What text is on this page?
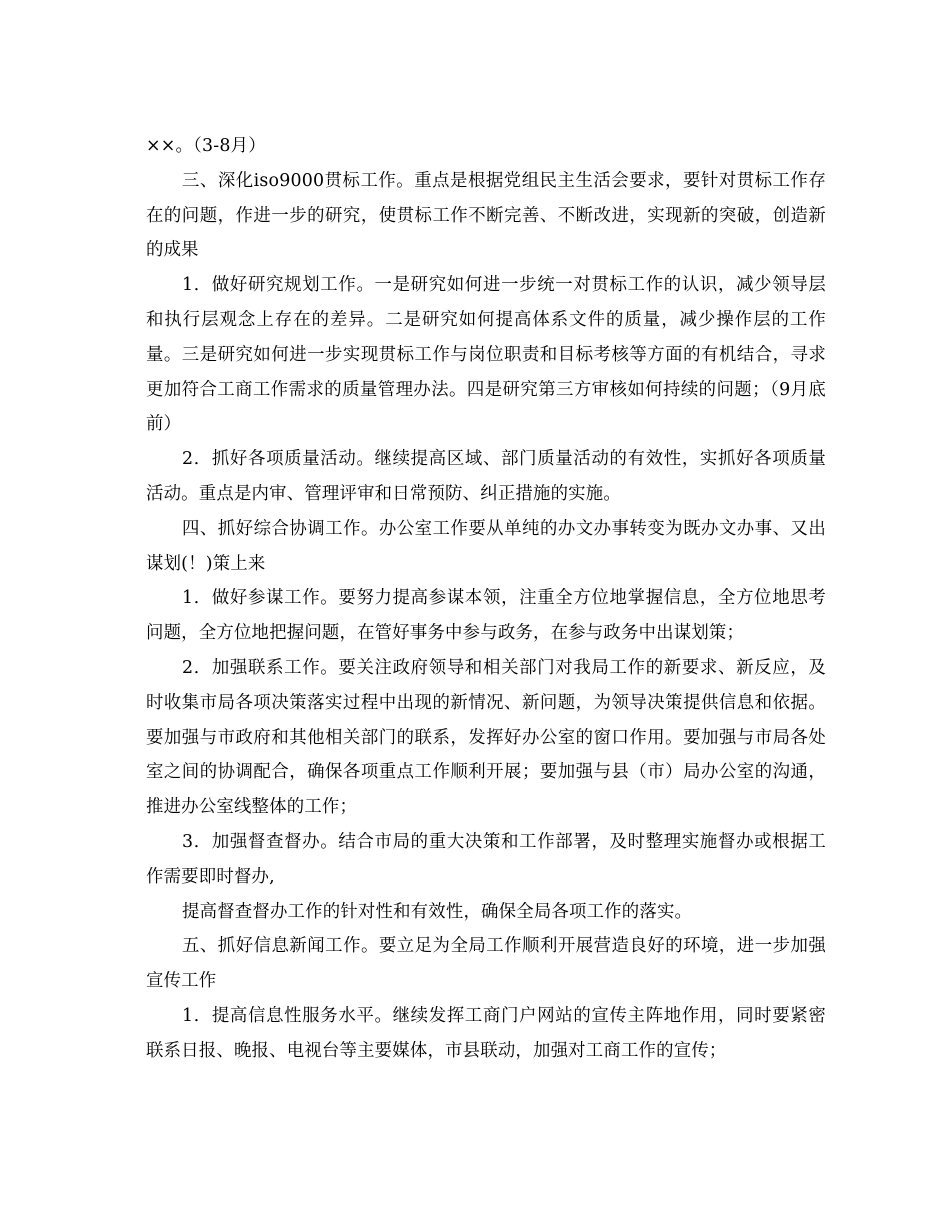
××。（3-8月）

三、深化iso9000贯标工作。重点是根据党组民主生活会要求，要针对贯标工作存在的问题，作进一步的研究，使贯标工作不断完善、不断改进，实现新的突破，创造新的成果

1．做好研究规划工作。一是研究如何进一步统一对贯标工作的认识，减少领导层和执行层观念上存在的差异。二是研究如何提高体系文件的质量，减少操作层的工作量。三是研究如何进一步实现贯标工作与岗位职责和目标考核等方面的有机结合，寻求更加符合工商工作需求的质量管理办法。四是研究第三方审核如何持续的问题；（9月底前）

2．抓好各项质量活动。继续提高区域、部门质量活动的有效性，实抓好各项质量活动。重点是内审、管理评审和日常预防、纠正措施的实施。

四、抓好综合协调工作。办公室工作要从单纯的办文办事转变为既办文办事、又出谋划(！)策上来

1．做好参谋工作。要努力提高参谋本领，注重全方位地掌握信息，全方位地思考问题，全方位地把握问题，在管好事务中参与政务，在参与政务中出谋划策；

2．加强联系工作。要关注政府领导和相关部门对我局工作的新要求、新反应，及时收集市局各项决策落实过程中出现的新情况、新问题，为领导决策提供信息和依据。要加强与市政府和其他相关部门的联系，发挥好办公室的窗口作用。要加强与市局各处室之间的协调配合，确保各项重点工作顺利开展；要加强与县（市）局办公室的沟通，推进办公室线整体的工作；

3．加强督查督办。结合市局的重大决策和工作部署，及时整理实施督办或根据工作需要即时督办,

提高督查督办工作的针对性和有效性，确保全局各项工作的落实。

五、抓好信息新闻工作。要立足为全局工作顺利开展营造良好的环境，进一步加强宣传工作

1．提高信息性服务水平。继续发挥工商门户网站的宣传主阵地作用，同时要紧密联系日报、晚报、电视台等主要媒体，市县联动，加强对工商工作的宣传；
